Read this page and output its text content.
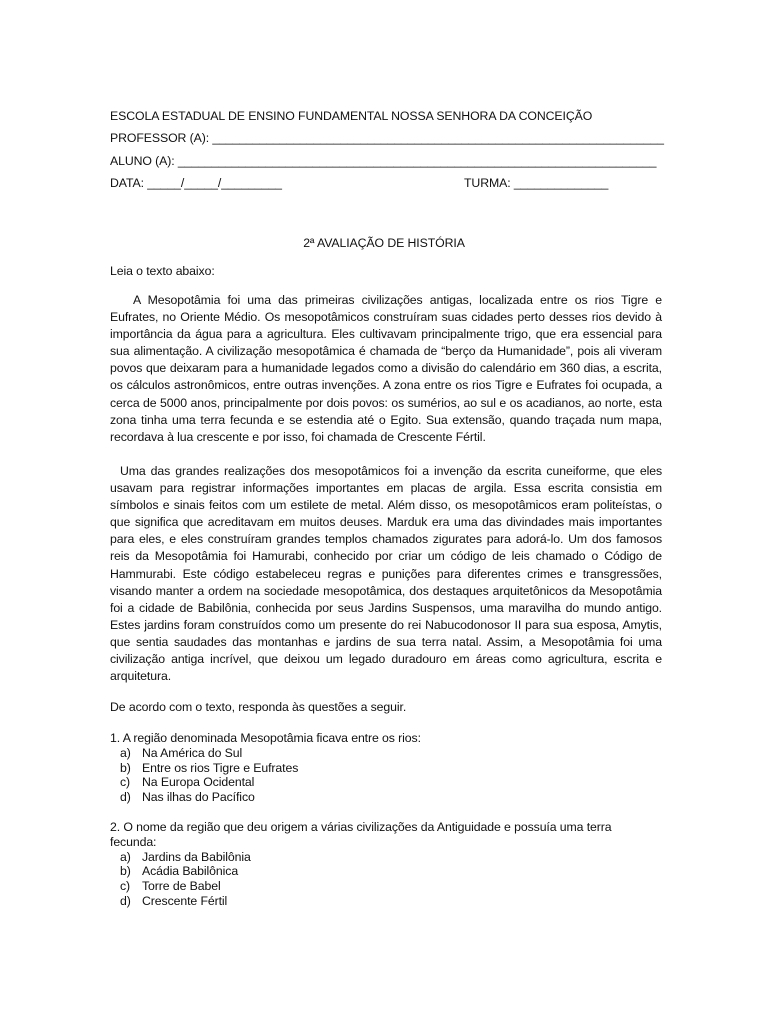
ESCOLA ESTADUAL DE ENSINO FUNDAMENTAL NOSSA SENHORA DA CONCEIÇÃO
PROFESSOR (A): ___________________________________________________________________
ALUNO (A): _______________________________________________________________________
DATA: _____/_____/_________	TURMA: ______________
2ª AVALIAÇÃO DE HISTÓRIA
Leia o texto abaixo:

A Mesopotâmia foi uma das primeiras civilizações antigas, localizada entre os rios Tigre e Eufrates, no Oriente Médio. Os mesopotâmicos construíram suas cidades perto desses rios devido à importância da água para a agricultura. Eles cultivavam principalmente trigo, que era essencial para sua alimentação. A civilização mesopotâmica é chamada de “berço da Humanidade”, pois ali viveram povos que deixaram para a humanidade legados como a divisão do calendário em 360 dias, a escrita, os cálculos astronômicos, entre outras invenções. A zona entre os rios Tigre e Eufrates foi ocupada, a cerca de 5000 anos, principalmente por dois povos: os sumérios, ao sul e os acadianos, ao norte, esta zona tinha uma terra fecunda e se estendia até o Egito. Sua extensão, quando traçada num mapa, recordava à lua crescente e por isso, foi chamada de Crescente Fértil.

Uma das grandes realizações dos mesopotâmicos foi a invenção da escrita cuneiforme, que eles usavam para registrar informações importantes em placas de argila. Essa escrita consistia em símbolos e sinais feitos com um estilete de metal. Além disso, os mesopotâmicos eram politeístas, o que significa que acreditavam em muitos deuses. Marduk era uma das divindades mais importantes para eles, e eles construíram grandes templos chamados zigurates para adorá-lo. Um dos famosos reis da Mesopotâmia foi Hamurabi, conhecido por criar um código de leis chamado o Código de Hammurabi. Este código estabeleceu regras e punições para diferentes crimes e transgressões, visando manter a ordem na sociedade mesopotâmica, dos destaques arquitetônicos da Mesopotâmia foi a cidade de Babilônia, conhecida por seus Jardins Suspensos, uma maravilha do mundo antigo. Estes jardins foram construídos como um presente do rei Nabucodonosor II para sua esposa, Amytis, que sentia saudades das montanhas e jardins de sua terra natal. Assim, a Mesopotâmia foi uma civilização antiga incrível, que deixou um legado duradouro em áreas como agricultura, escrita e arquitetura.

De acordo com o texto, responda às questões a seguir.
1. A região denominada Mesopotâmia ficava entre os rios:
a) Na América do Sul
b) Entre os rios Tigre e Eufrates
c) Na Europa Ocidental
d) Nas ilhas do Pacífico
2. O nome da região que deu origem a várias civilizações da Antiguidade e possuía uma terra fecunda:
a) Jardins da Babilônia
b) Acádia Babilônica
c) Torre de Babel
d) Crescente Fértil
